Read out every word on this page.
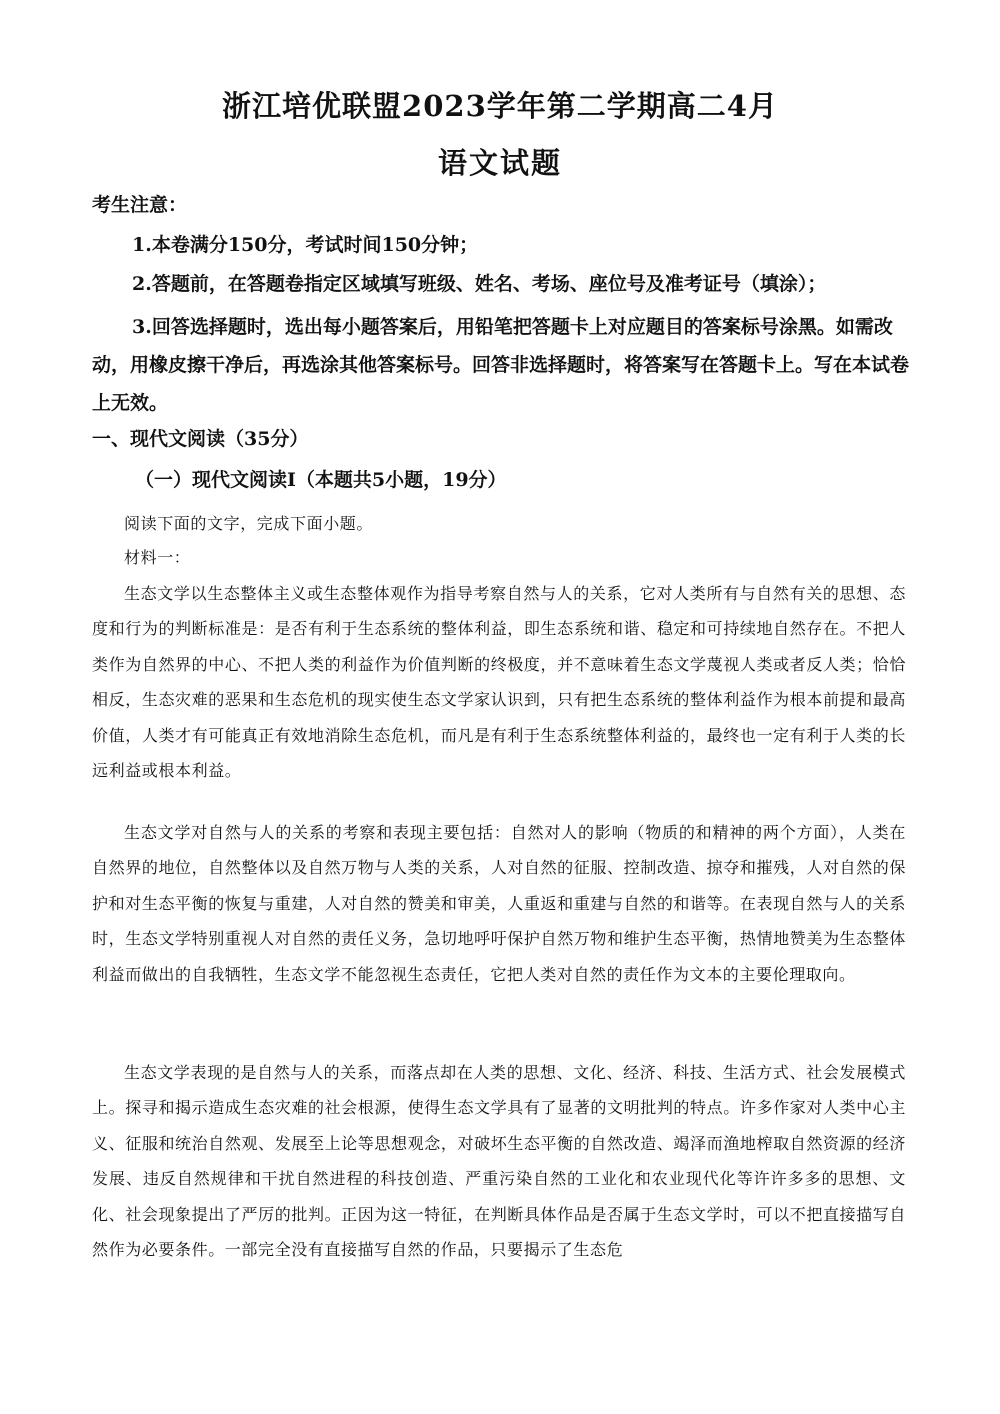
浙江培优联盟2023学年第二学期高二4月
语文试题
考生注意：
1.本卷满分150分，考试时间150分钟；
2.答题前，在答题卷指定区域填写班级、姓名、考场、座位号及准考证号（填涂）；
3.回答选择题时，选出每小题答案后，用铅笔把答题卡上对应题目的答案标号涂黑。如需改动，用橡皮擦干净后，再选涂其他答案标号。回答非选择题时，将答案写在答题卡上。写在本试卷上无效。
一、现代文阅读（35分）
（一）现代文阅读Ⅰ（本题共5小题，19分）
阅读下面的文字，完成下面小题。
材料一：
生态文学以生态整体主义或生态整体观作为指导考察自然与人的关系，它对人类所有与自然有关的思想、态度和行为的判断标准是：是否有利于生态系统的整体利益，即生态系统和谐、稳定和可持续地自然存在。不把人类作为自然界的中心、不把人类的利益作为价值判断的终极度，并不意味着生态文学蔑视人类或者反人类；恰恰相反，生态灾难的恶果和生态危机的现实使生态文学家认识到，只有把生态系统的整体利益作为根本前提和最高价值，人类才有可能真正有效地消除生态危机，而凡是有利于生态系统整体利益的，最终也一定有利于人类的长远利益或根本利益。
生态文学对自然与人的关系的考察和表现主要包括：自然对人的影响（物质的和精神的两个方面），人类在自然界的地位，自然整体以及自然万物与人类的关系，人对自然的征服、控制改造、掠夺和摧残，人对自然的保护和对生态平衡的恢复与重建，人对自然的赞美和审美，人重返和重建与自然的和谐等。在表现自然与人的关系时，生态文学特别重视人对自然的责任义务，急切地呼吁保护自然万物和维护生态平衡，热情地赞美为生态整体利益而做出的自我牺牲，生态文学不能忽视生态责任，它把人类对自然的责任作为文本的主要伦理取向。
生态文学表现的是自然与人的关系，而落点却在人类的思想、文化、经济、科技、生活方式、社会发展模式上。探寻和揭示造成生态灾难的社会根源，使得生态文学具有了显著的文明批判的特点。许多作家对人类中心主义、征服和统治自然观、发展至上论等思想观念，对破坏生态平衡的自然改造、竭泽而渔地榨取自然资源的经济发展、违反自然规律和干扰自然进程的科技创造、严重污染自然的工业化和农业现代化等许许多多的思想、文化、社会现象提出了严厉的批判。正因为这一特征，在判断具体作品是否属于生态文学时，可以不把直接描写自然作为必要条件。一部完全没有直接描写自然的作品，只要揭示了生态危
